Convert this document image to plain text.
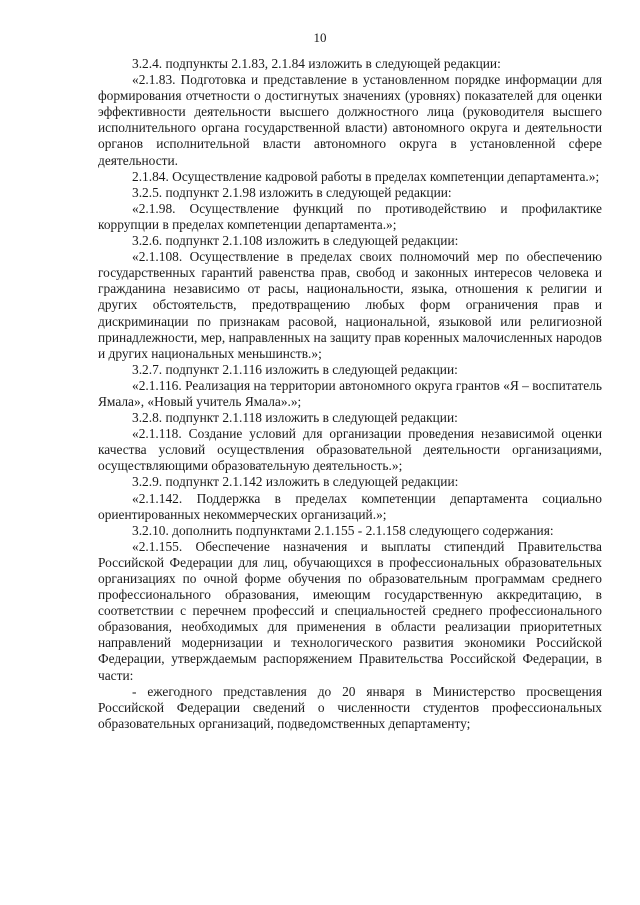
10

3.2.4. подпункты 2.1.83, 2.1.84 изложить в следующей редакции:

«2.1.83. Подготовка и представление в установленном порядке информации для формирования отчетности о достигнутых значениях (уровнях) показателей для оценки эффективности деятельности высшего должностного лица (руководителя высшего исполнительного органа государственной власти) автономного округа и деятельности органов исполнительной власти автономного округа в установленной сфере деятельности.

2.1.84. Осуществление кадровой работы в пределах компетенции департамента.»;

3.2.5. подпункт 2.1.98 изложить в следующей редакции:

«2.1.98. Осуществление функций по противодействию и профилактике коррупции в пределах компетенции департамента.»;

3.2.6. подпункт 2.1.108 изложить в следующей редакции:

«2.1.108. Осуществление в пределах своих полномочий мер по обеспечению государственных гарантий равенства прав, свобод и законных интересов человека и гражданина независимо от расы, национальности, языка, отношения к религии и других обстоятельств, предотвращению любых форм ограничения прав и дискриминации по признакам расовой, национальной, языковой или религиозной принадлежности, мер, направленных на защиту прав коренных малочисленных народов и других национальных меньшинств.»;

3.2.7. подпункт 2.1.116 изложить в следующей редакции:

«2.1.116. Реализация на территории автономного округа грантов «Я – воспитатель Ямала», «Новый учитель Ямала».»;

3.2.8. подпункт 2.1.118 изложить в следующей редакции:

«2.1.118. Создание условий для организации проведения независимой оценки качества условий осуществления образовательной деятельности организациями, осуществляющими образовательную деятельность.»;

3.2.9. подпункт 2.1.142 изложить в следующей редакции:

«2.1.142. Поддержка в пределах компетенции департамента социально ориентированных некоммерческих организаций.»;

3.2.10. дополнить подпунктами 2.1.155 - 2.1.158 следующего содержания:

«2.1.155. Обеспечение назначения и выплаты стипендий Правительства Российской Федерации для лиц, обучающихся в профессиональных образовательных организациях по очной форме обучения по образовательным программам среднего профессионального образования, имеющим государственную аккредитацию, в соответствии с перечнем профессий и специальностей среднего профессионального образования, необходимых для применения в области реализации приоритетных направлений модернизации и технологического развития экономики Российской Федерации, утверждаемым распоряжением Правительства Российской Федерации, в части:

- ежегодного представления до 20 января в Министерство просвещения Российской Федерации сведений о численности студентов профессиональных образовательных организаций, подведомственных департаменту;
